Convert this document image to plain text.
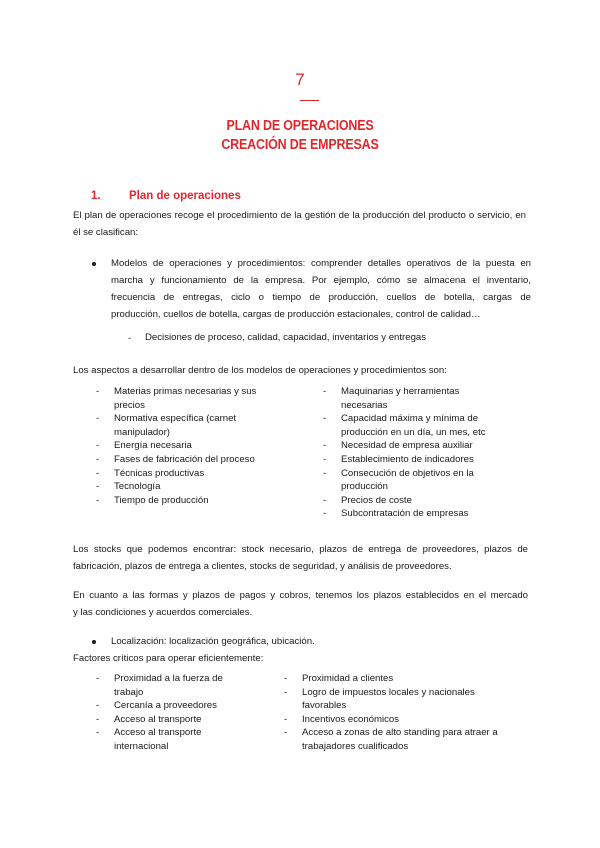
7
PLAN DE OPERACIONES
CREACIÓN DE EMPRESAS
1. Plan de operaciones
El plan de operaciones recoge el procedimiento de la gestión de la producción del producto o servicio, en él se clasifican:
Modelos de operaciones y procedimientos: comprender detalles operativos de la puesta en
marcha y funcionamiento de la empresa. Por ejemplo, cómo se almacena el inventario,
frecuencia de entregas, ciclo o tiempo de producción, cuellos de botella, cargas de
producción, cuellos de botella, cargas de producción estacionales, control de calidad…
- Decisiones de proceso, calidad, capacidad, inventarios y entregas
Los aspectos a desarrollar dentro de los modelos de operaciones y procedimientos son:
- Materias primas necesarias y sus
precios
- Normativa específica (carnet
manipulador)
- Energía necesaria
- Fases de fabricación del proceso
- Técnicas productivas
- Tecnología
- Tiempo de producción
- Maquinarias y herramientas
necesarias
- Capacidad máxima y mínima de
producción en un día, un mes, etc
- Necesidad de empresa auxiliar
- Establecimiento de indicadores
- Consecución de objetivos en la
producción
- Precios de coste
- Subcontratación de empresas
Los stocks que podemos encontrar: stock necesario, plazos de entrega de proveedores, plazos de
fabricación, plazos de entrega a clientes, stocks de seguridad, y análisis de proveedores.
En cuanto a las formas y plazos de pagos y cobros, tenemos los plazos establecidos en el mercado
y las condiciones y acuerdos comerciales.
Localización: localización geográfica, ubicación.
Factores críticos para operar eficientemente:
- Proximidad a la fuerza de
trabajo
- Cercanía a proveedores
- Acceso al transporte
- Acceso al transporte
internacional
- Proximidad a clientes
- Logro de impuestos locales y nacionales
favorables
- Incentivos económicos
- Acceso a zonas de alto standing para atraer a
trabajadores cualificados
